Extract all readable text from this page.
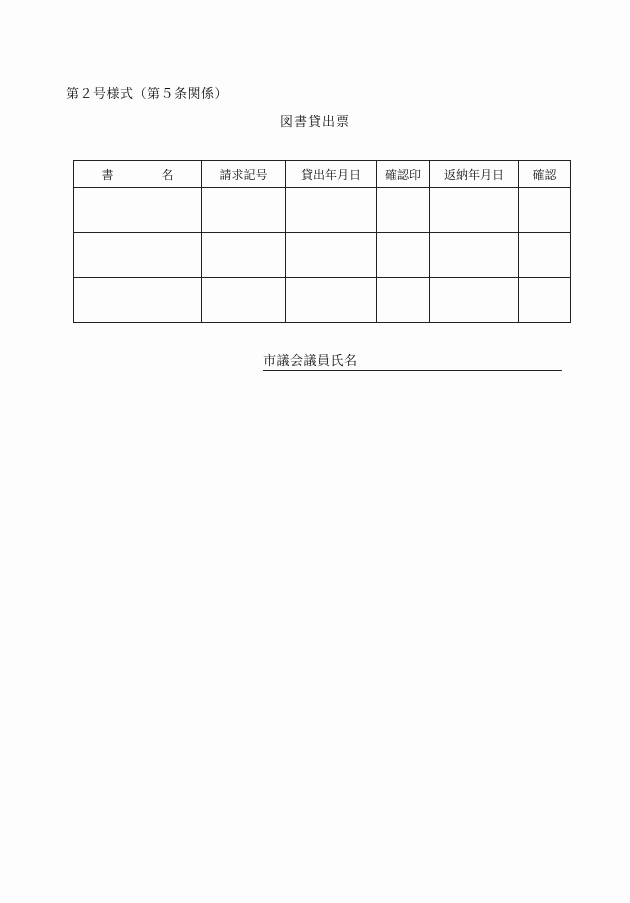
第２号様式（第５条関係）
図書貸出票
書　名	請求記号	貸出年月日	確認印	返納年月日	確認

市議会議員氏名
